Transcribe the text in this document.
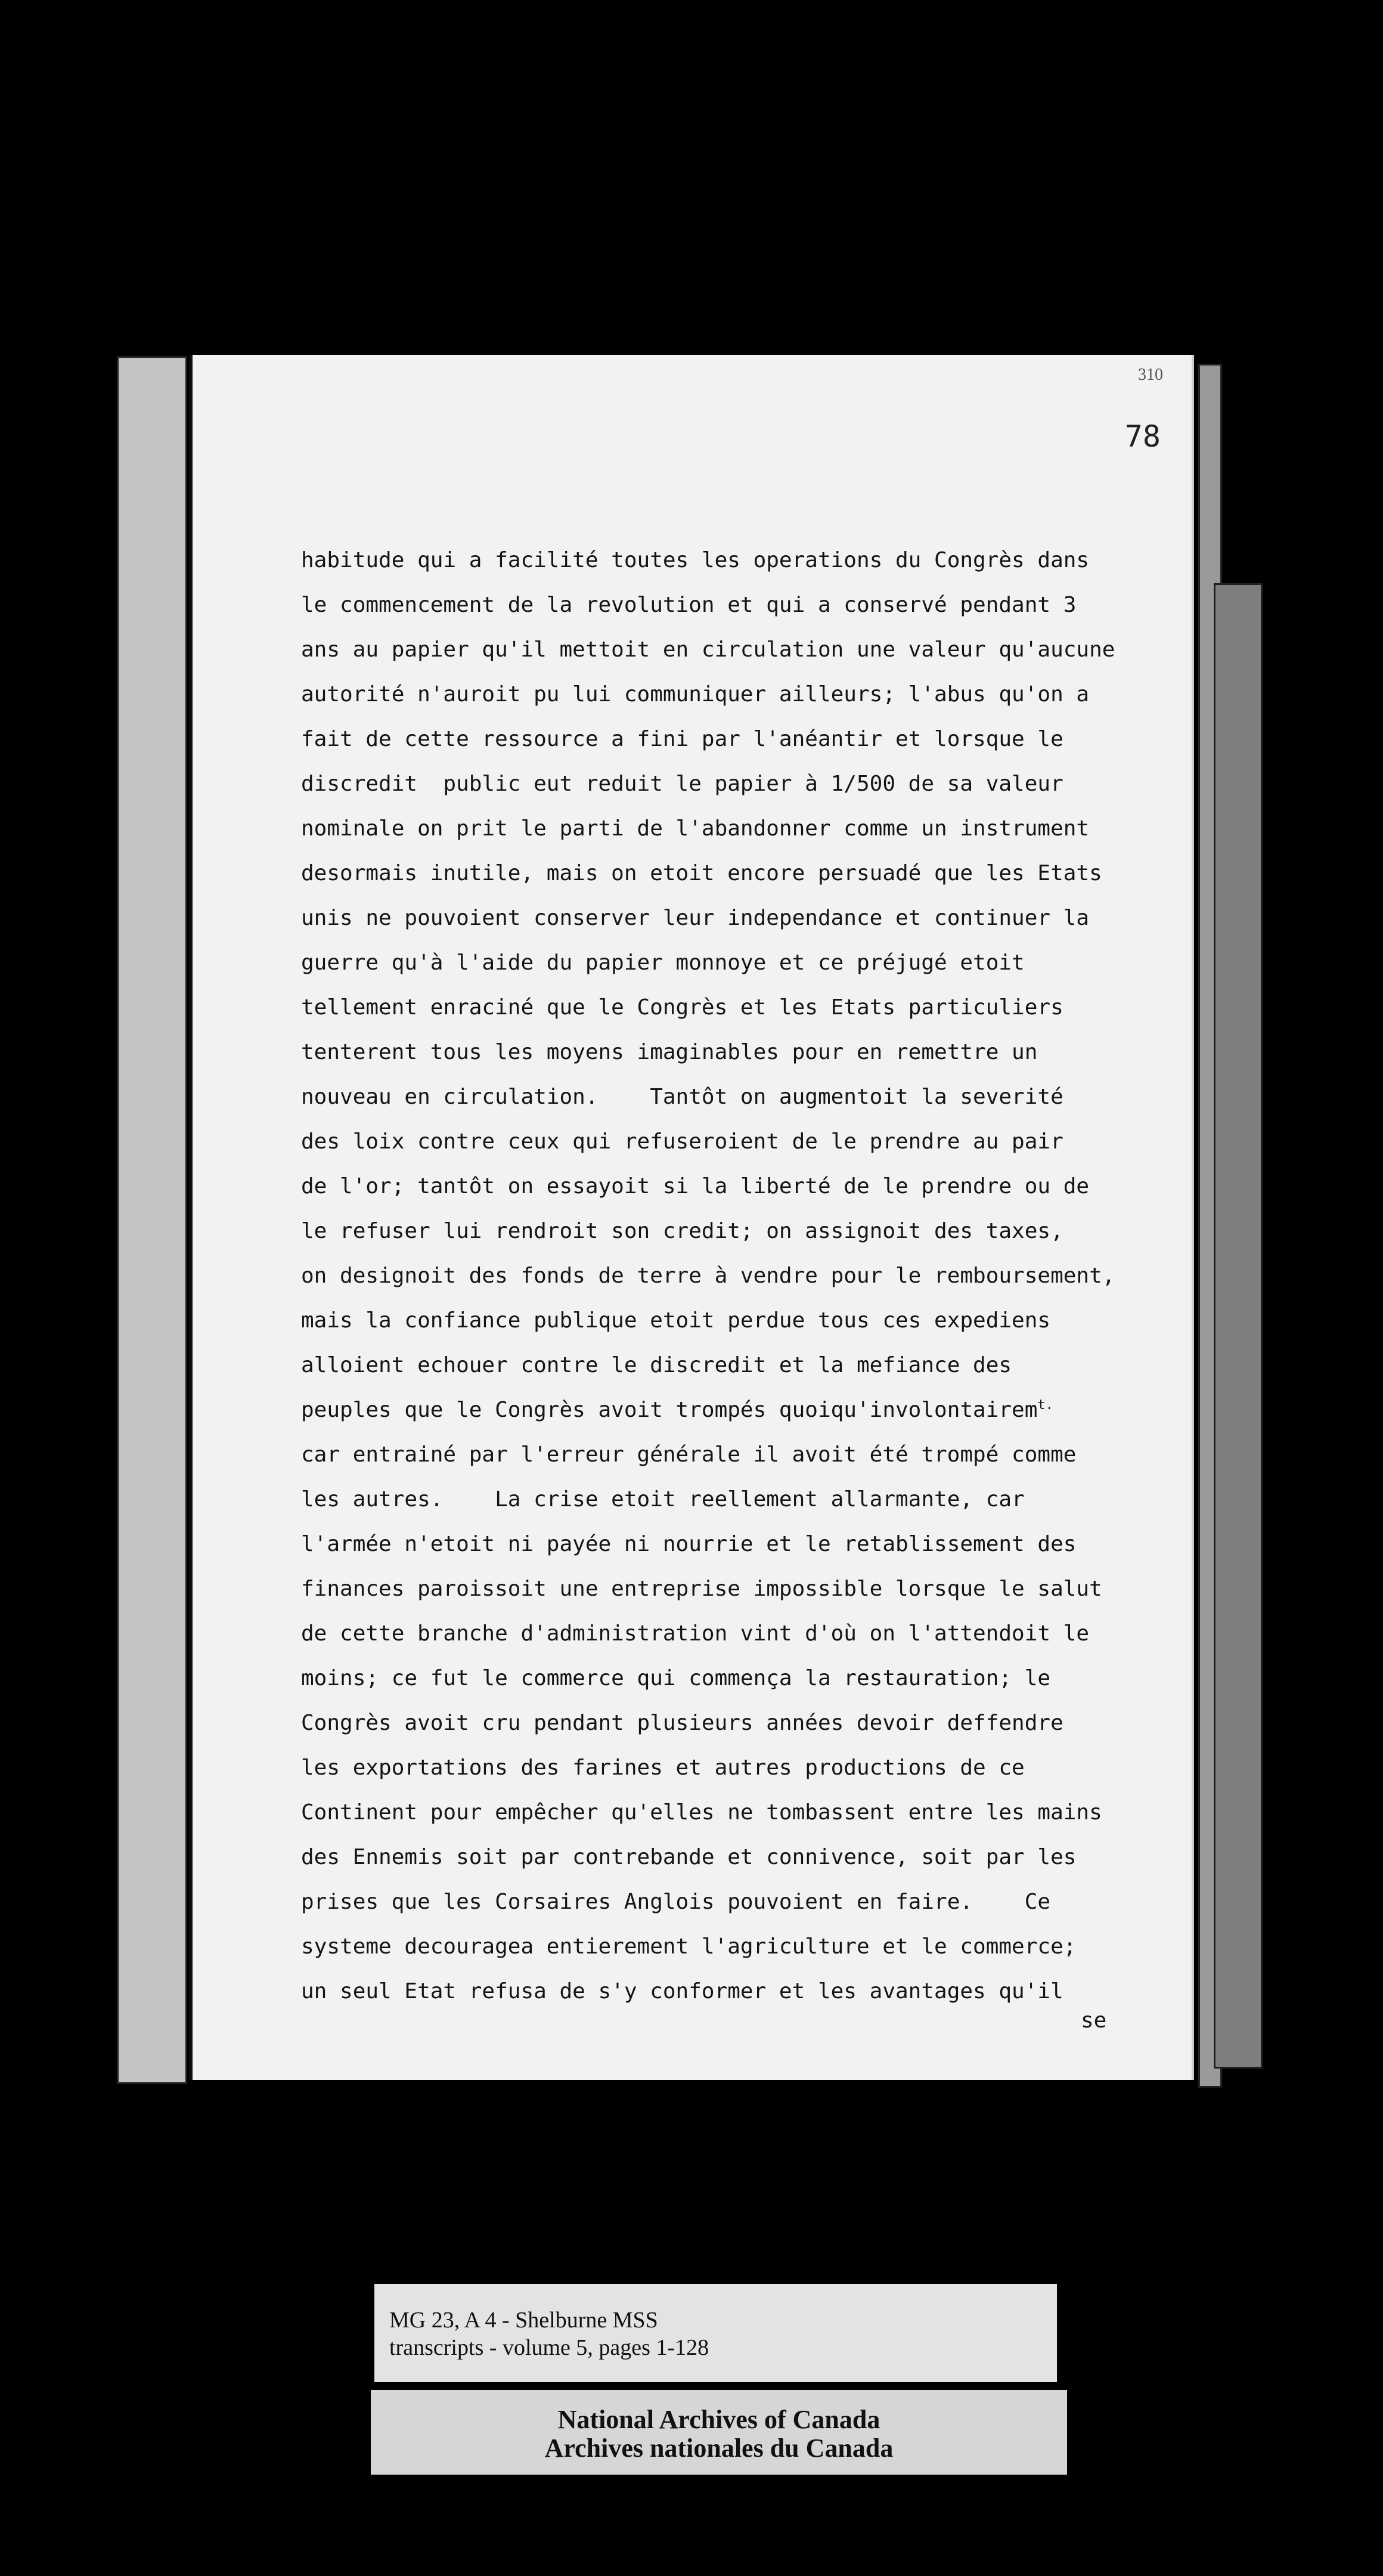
310
78
habitude qui a facilité toutes les operations du Congrès dans
le commencement de la revolution et qui a conservé pendant 3
ans au papier qu'il mettoit en circulation une valeur qu'aucune
autorité n'auroit pu lui communiquer ailleurs; l'abus qu'on a
fait de cette ressource a fini par l'anéantir et lorsque le
discredit  public eut reduit le papier à 1/500 de sa valeur
nominale on prit le parti de l'abandonner comme un instrument
desormais inutile, mais on etoit encore persuadé que les Etats
unis ne pouvoient conserver leur independance et continuer la
guerre qu'à l'aide du papier monnoye et ce préjugé etoit
tellement enraciné que le Congrès et les Etats particuliers
tenterent tous les moyens imaginables pour en remettre un
nouveau en circulation.    Tantôt on augmentoit la severité
des loix contre ceux qui refuseroient de le prendre au pair
de l'or; tantôt on essayoit si la liberté de le prendre ou de
le refuser lui rendroit son credit; on assignoit des taxes,
on designoit des fonds de terre à vendre pour le remboursement,
mais la confiance publique etoit perdue tous ces expediens
alloient echouer contre le discredit et la mefiance des
peuples que le Congrès avoit trompés quoiqu'involontairem$^{t.}$
car entrainé par l'erreur générale il avoit été trompé comme
les autres.    La crise etoit reellement allarmante, car
l'armée n'etoit ni payée ni nourrie et le retablissement des
finances paroissoit une entreprise impossible lorsque le salut
de cette branche d'administration vint d'où on l'attendoit le
moins; ce fut le commerce qui commença la restauration; le
Congrès avoit cru pendant plusieurs années devoir deffendre
les exportations des farines et autres productions de ce
Continent pour empêcher qu'elles ne tombassent entre les mains
des Ennemis soit par contrebande et connivence, soit par les
prises que les Corsaires Anglois pouvoient en faire.    Ce
systeme decouragea entierement l'agriculture et le commerce;
un seul Etat refusa de s'y conformer et les avantages qu'il
se
MG 23, A 4 - Shelburne MSS
transcripts - volume 5, pages 1-128
National Archives of Canada
Archives nationales du Canada
